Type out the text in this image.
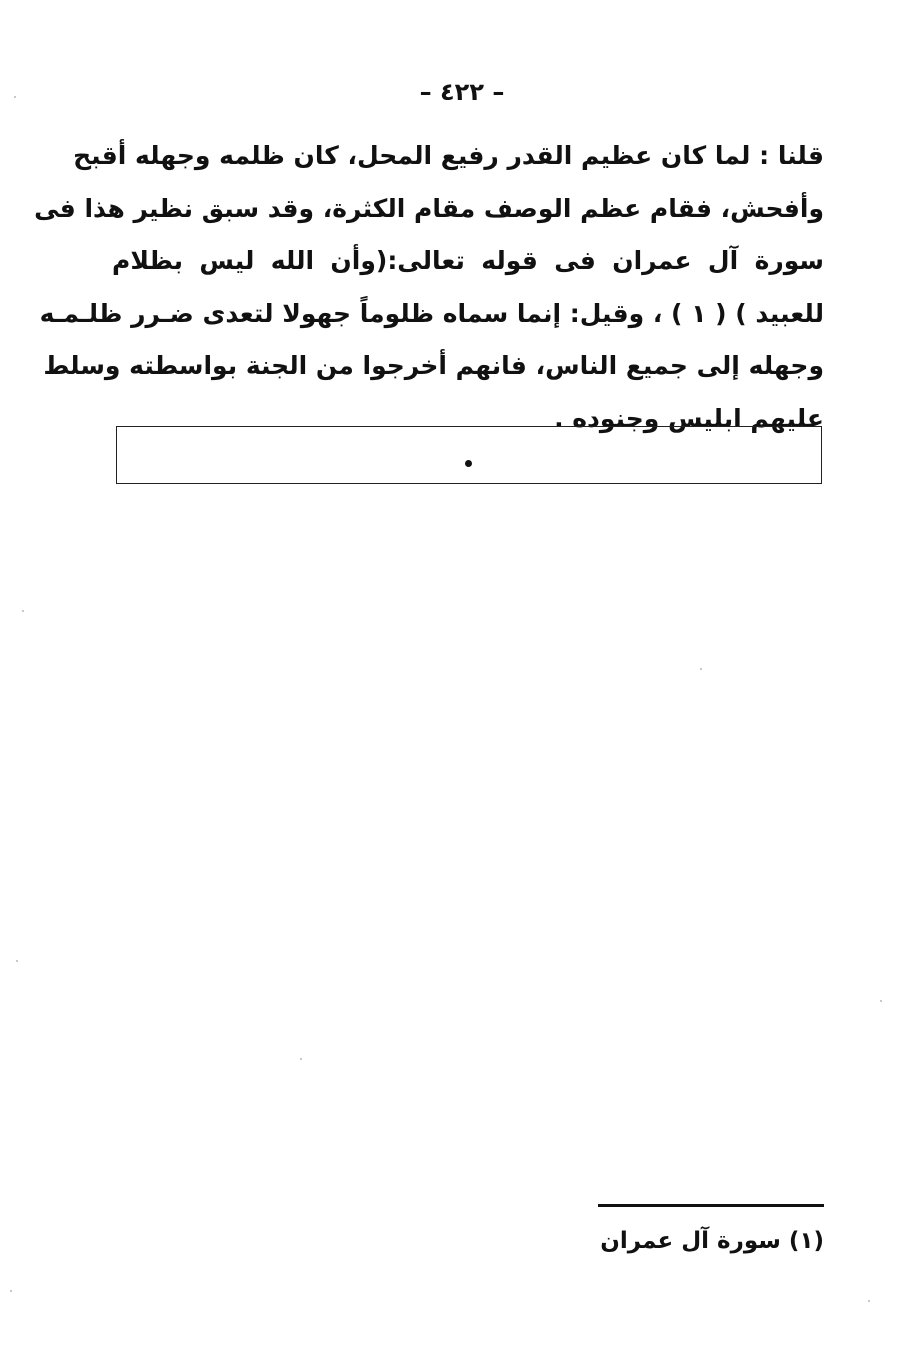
– ٤٢٢ –
قلنا : لما كان عظيم القدر رفيع المحل، كان ظلمه وجهله أقبح
وأفحش، فقام عظم الوصف مقام الكثرة، وقد سبق نظير هذا فى
سورة آل عمران فى قوله تعالى:(وأن الله ليس بظلام
للعبيد ) ( ١ ) ، وقيل: إنما سماه ظلوماً جهولا لتعدى ضـرر ظلـمـه
وجهله إلى جميع الناس، فانهم أخرجوا من الجنة بواسطته وسلط
عليهم ابليس وجنوده .
(١) سورة آل عمران
